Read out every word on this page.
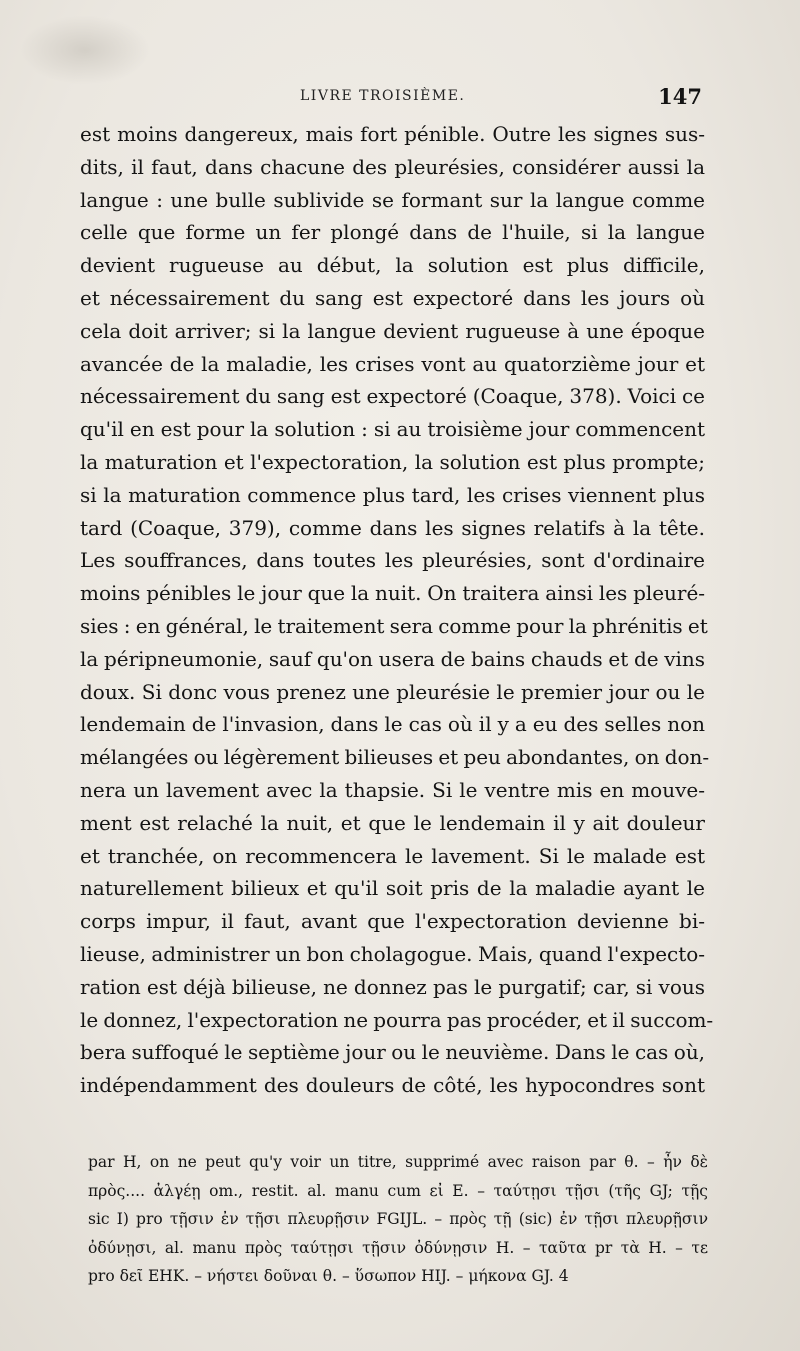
LIVRE TROISIÈME.	147
est moins dangereux, mais fort pénible. Outre les signes sus-
dits, il faut, dans chacune des pleurésies, considérer aussi la
langue : une bulle sublivide se formant sur la langue comme
celle que forme un fer plongé dans de l'huile, si la langue
devient rugueuse au début, la solution est plus difficile,
et nécessairement du sang est expectoré dans les jours où
cela doit arriver; si la langue devient rugueuse à une époque
avancée de la maladie, les crises vont au quatorzième jour et
nécessairement du sang est expectoré (Coaque, 378). Voici ce
qu'il en est pour la solution : si au troisième jour commencent
la maturation et l'expectoration, la solution est plus prompte;
si la maturation commence plus tard, les crises viennent plus
tard (Coaque, 379), comme dans les signes relatifs à la tête.
Les souffrances, dans toutes les pleurésies, sont d'ordinaire
moins pénibles le jour que la nuit. On traitera ainsi les pleuré-
sies : en général, le traitement sera comme pour la phrénitis et
la péripneumonie, sauf qu'on usera de bains chauds et de vins
doux. Si donc vous prenez une pleurésie le premier jour ou le
lendemain de l'invasion, dans le cas où il y a eu des selles non
mélangées ou légèrement bilieuses et peu abondantes, on don-
nera un lavement avec la thapsie. Si le ventre mis en mouve-
ment est relaché la nuit, et que le lendemain il y ait douleur
et tranchée, on recommencera le lavement. Si le malade est
naturellement bilieux et qu'il soit pris de la maladie ayant le
corps impur, il faut, avant que l'expectoration devienne bi-
lieuse, administrer un bon cholagogue. Mais, quand l'expecto-
ration est déjà bilieuse, ne donnez pas le purgatif; car, si vous
le donnez, l'expectoration ne pourra pas procéder, et il succom-
bera suffoqué le septième jour ou le neuvième. Dans le cas où,
indépendamment des douleurs de côté, les hypocondres sont
par H, on ne peut qu'y voir un titre, supprimé avec raison par θ. – ἦν δὲ
πρὸς.... ἀλγέῃ om., restit. al. manu cum εἰ E. – ταύτῃσι τῇσι (τῆς GJ; τῇς
sic I) pro τῇσιν ἐν τῇσι πλευρῇσιν FGIJL. – πρὸς τῇ (sic) ἐν τῇσι πλευρῇσιν
ὀδύνῃσι, al. manu πρὸς ταύτῃσι τῇσιν ὀδύνῃσιν H. – ταῦτα pr τὰ H. – τε
pro δεῖ EHK. – νήστει δοῦναι θ. – ὕσωπον HIJ. – μήκονα GJ. 4
